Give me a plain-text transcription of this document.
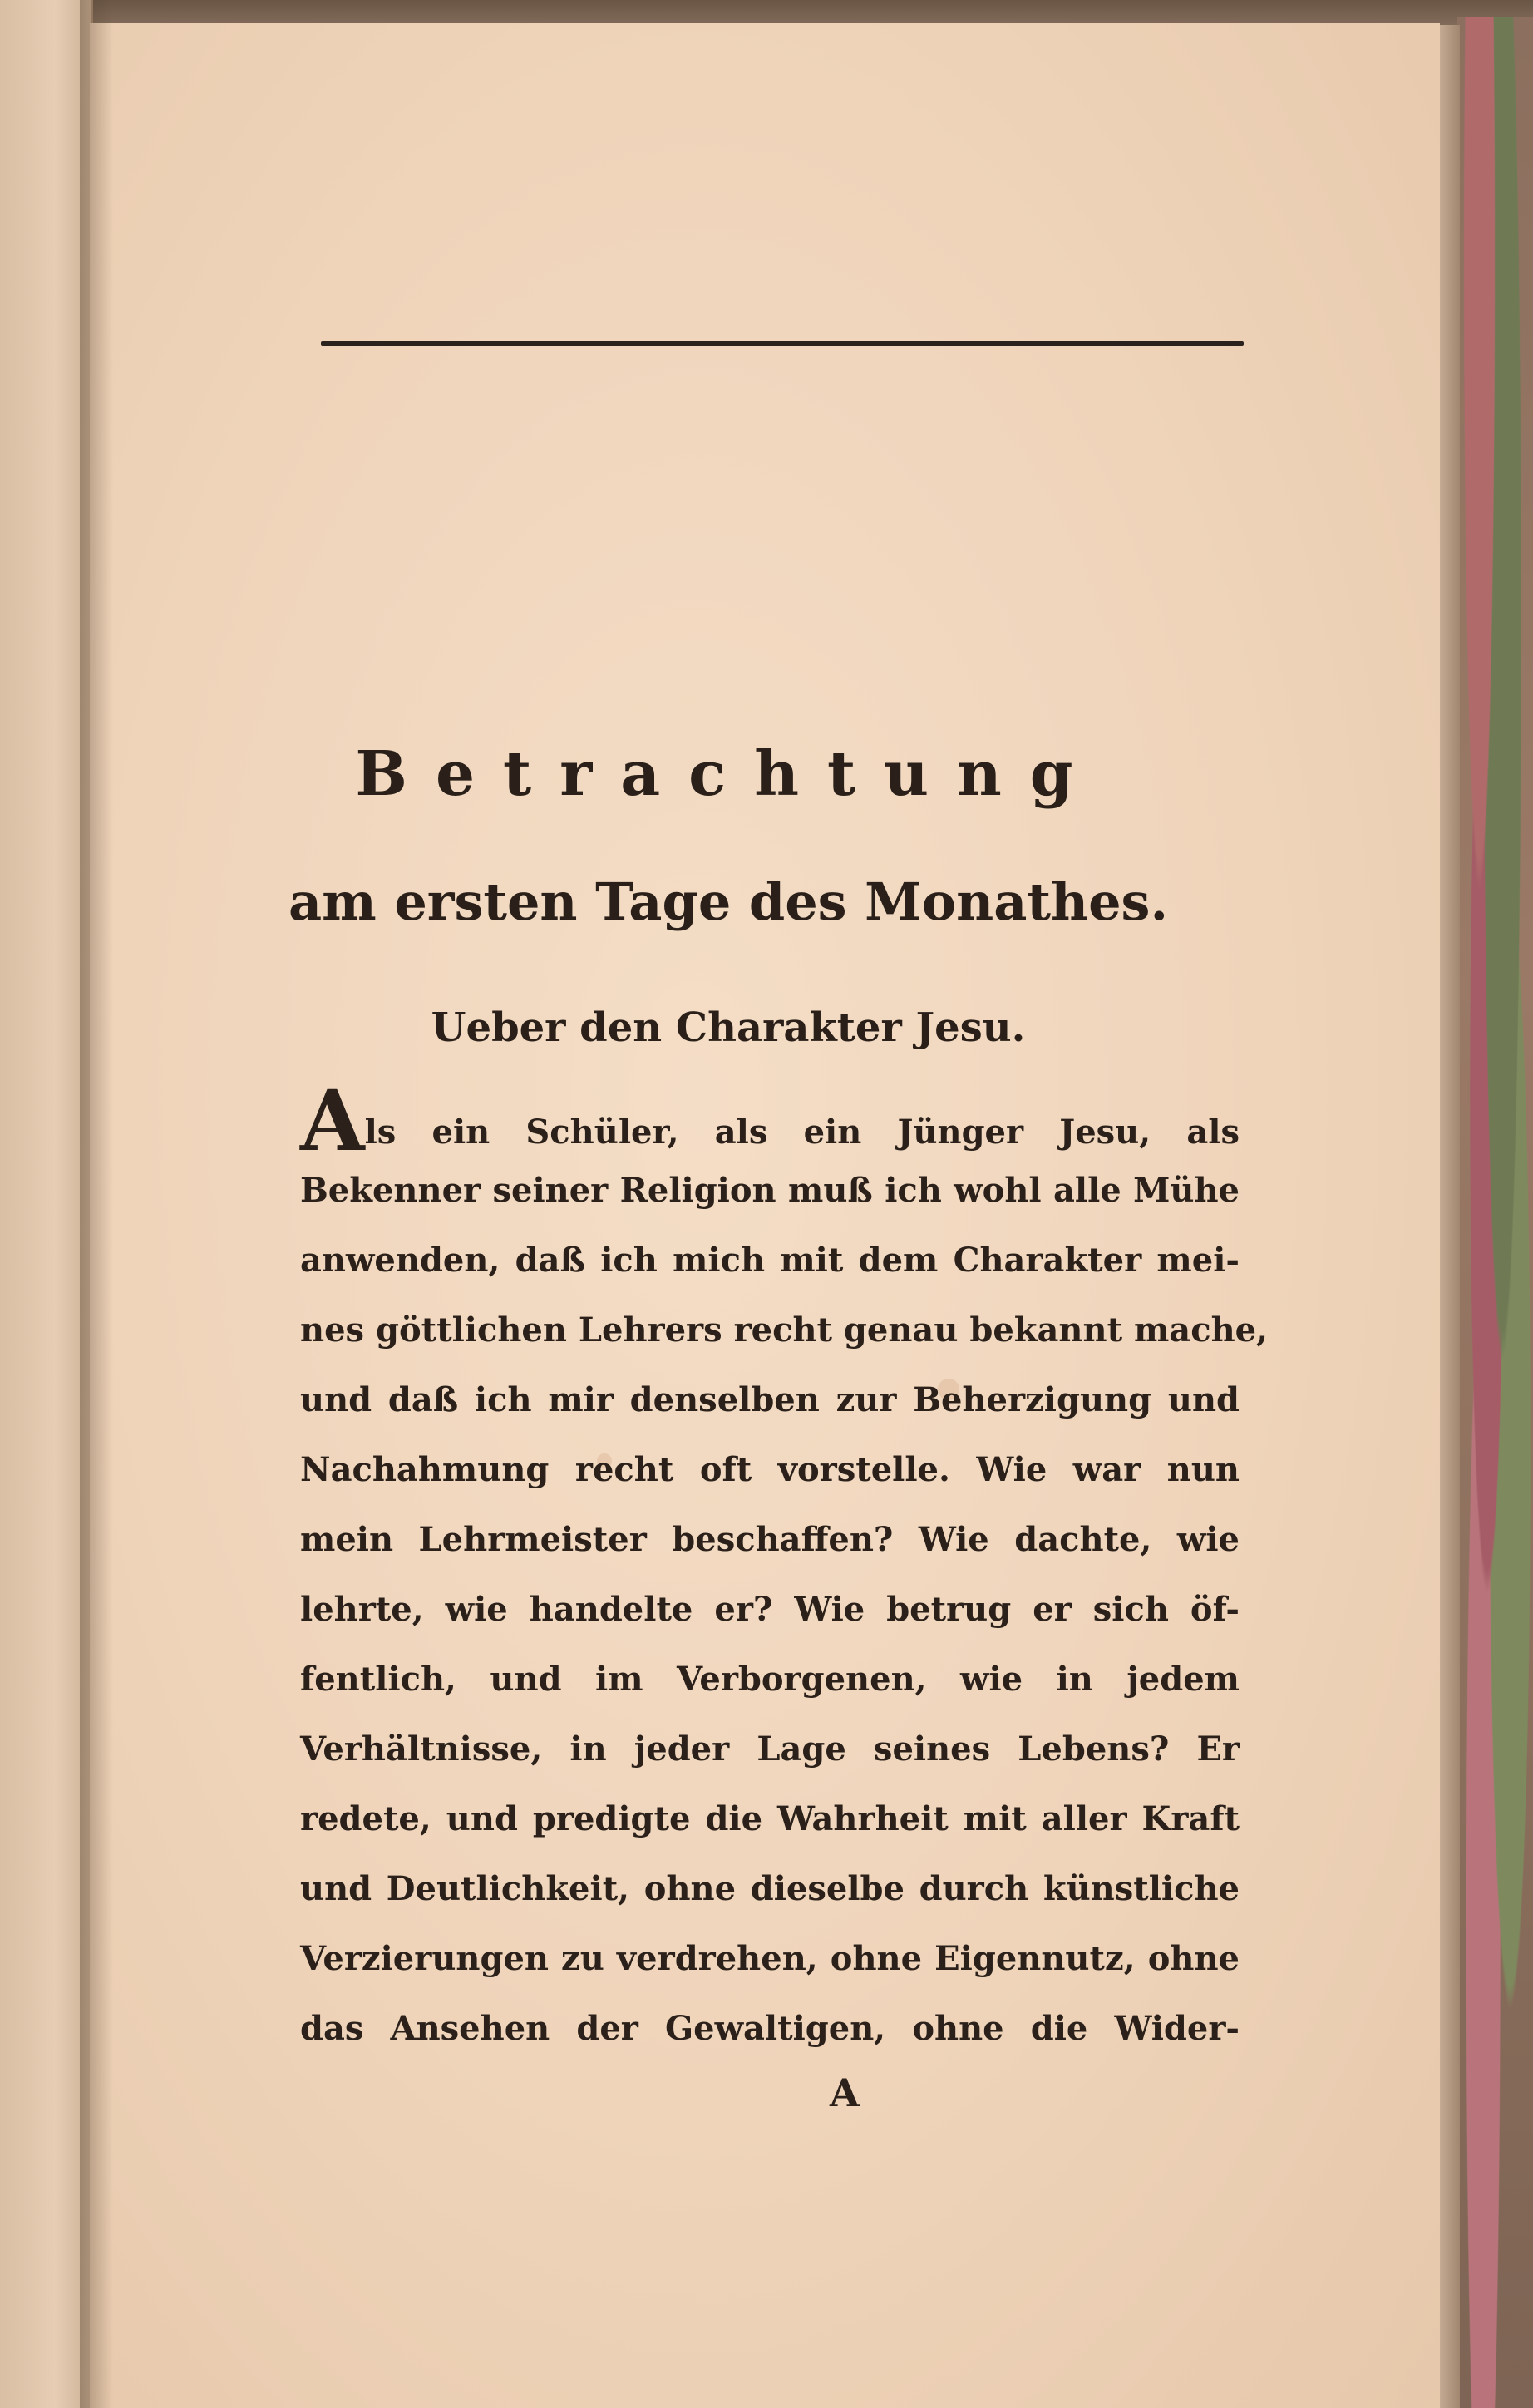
Betrachtung
am ersten Tage des Monathes.
Ueber den Charakter Jesu.
Als ein Schüler, als ein Jünger Jesu, als
Bekenner seiner Religion muß ich wohl alle Mühe
anwenden, daß ich mich mit dem Charakter mei-
nes göttlichen Lehrers recht genau bekannt mache,
und daß ich mir denselben zur Beherzigung und
Nachahmung recht oft vorstelle. Wie war nun
mein Lehrmeister beschaffen? Wie dachte, wie
lehrte, wie handelte er? Wie betrug er sich öf-
fentlich, und im Verborgenen, wie in jedem
Verhältnisse, in jeder Lage seines Lebens? Er
redete, und predigte die Wahrheit mit aller Kraft
und Deutlichkeit, ohne dieselbe durch künstliche
Verzierungen zu verdrehen, ohne Eigennutz, ohne
das Ansehen der Gewaltigen, ohne die Wider-
A
